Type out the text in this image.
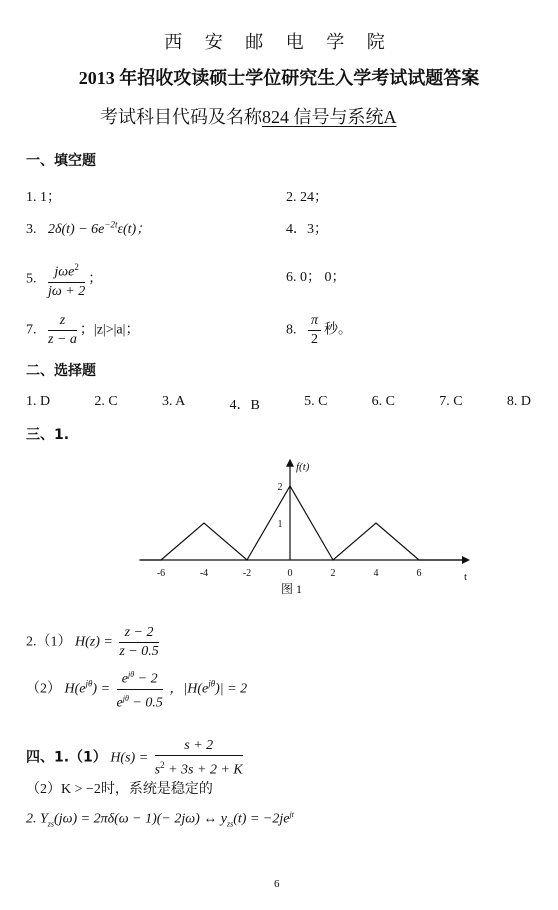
西 安 邮 电 学 院
2013 年招收攻读硕士学位研究生入学考试试题答案
考试科目代码及名称824 信号与系统A
一、填空题
1. 1；	2. 24；
3. $2\delta(t) - 6e^{-2t}\varepsilon(t)$；	4．3；
5. $\frac{j\omega e^2}{j\omega + 2}$ ；	6. 0； 0；
7. $\frac{z}{z - a}$ ；|z|>|a|；	8. $\frac{\pi}{2}$ 秒。
二、选择题
1. D	2. C	3. A	4．B	5. C	6. C	7. C	8. D
三、1.
-6	-4	-2	0	2	4	6
2
1
f(t)
t
图 1
2.（1） $H(z) = \frac{z - 2}{z - 0.5}$
（2） $H(e^{j\theta}) = \frac{e^{j\theta} - 2}{e^{j\theta} - 0.5}$ ，$|H(e^{j\theta})| = 2$
四、1.（1） $H(s) = \frac{s + 2}{s^2 + 3s + 2 + K}$
（2）K > −2时，系统是稳定的
2. $Y_{zs}(j\omega) = 2\pi\delta(\omega - 1)(- 2j\omega)$ ↔ $y_{zs}(t) = -2je^{jt}$
6
